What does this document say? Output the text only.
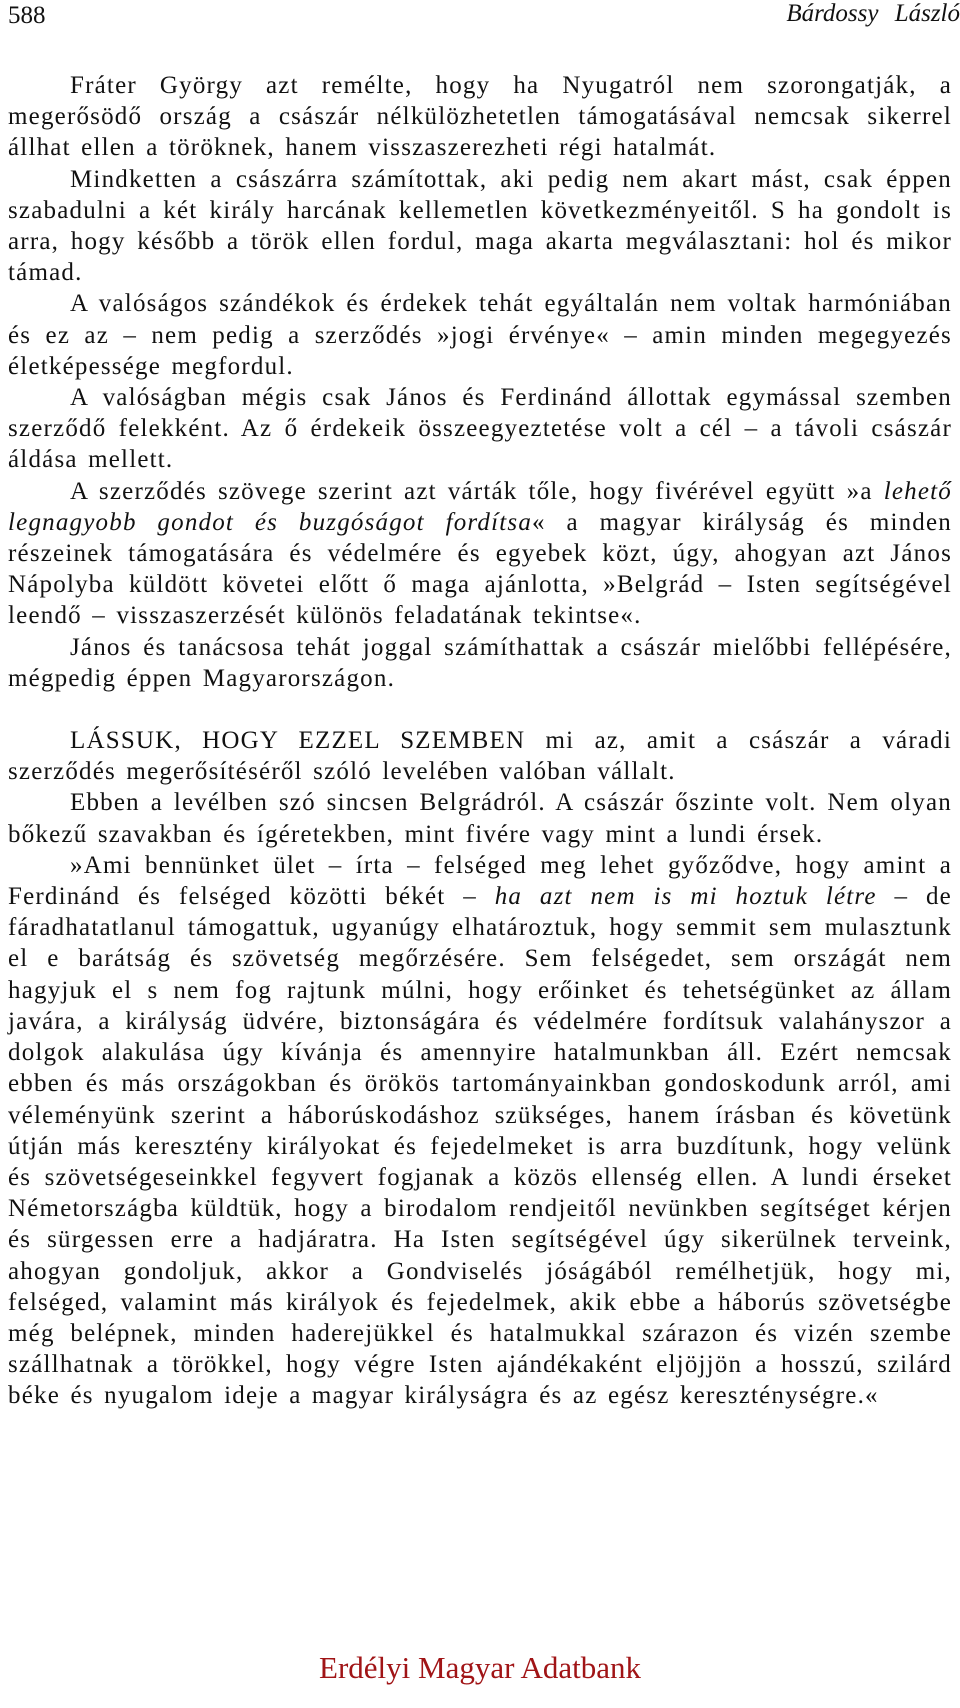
588	Bárdossy László

Fráter György azt remélte, hogy ha Nyugatról nem szorongatják, a megerősödő ország a császár nélkülözhetetlen támogatásával nemcsak sikerrel állhat ellen a töröknek, hanem visszaszerezheti régi hatalmát.

Mindketten a császárra számítottak, aki pedig nem akart mást, csak éppen szabadulni a két király harcának kellemetlen következményeitől. S ha gondolt is arra, hogy később a török ellen fordul, maga akarta megválasztani: hol és mikor támad.

A valóságos szándékok és érdekek tehát egyáltalán nem voltak harmóniában és ez az – nem pedig a szerződés »jogi érvénye« – amin minden megegyezés életképessége megfordul.

A valóságban mégis csak János és Ferdinánd állottak egymással szemben szerződő felekként. Az ő érdekeik összeegyeztetése volt a cél – a távoli császár áldása mellett.

A szerződés szövege szerint azt várták tőle, hogy fivérével együtt »a lehető legnagyobb gondot és buzgóságot fordítsa« a magyar királyság és minden részeinek támogatására és védelmére és egyebek közt, úgy, ahogyan azt János Nápolyba küldött követei előtt ő maga ajánlotta, »Belgrád – Isten segítségével leendő – visszaszerzését különös feladatának tekintse«.

János és tanácsosa tehát joggal számíthattak a császár mielőbbi fellépésére, mégpedig éppen Magyarországon.

LÁSSUK, HOGY EZZEL SZEMBEN mi az, amit a császár a váradi szerződés megerősítéséről szóló levelében valóban vállalt.

Ebben a levélben szó sincsen Belgrádról. A császár őszinte volt. Nem olyan bőkezű szavakban és ígéretekben, mint fivére vagy mint a lundi érsek.

»Ami bennünket ület – írta – felséged meg lehet győződve, hogy amint a Ferdinánd és felséged közötti békét – ha azt nem is mi hoztuk létre – de fáradhatatlanul támogattuk, ugyanúgy elhatároztuk, hogy semmit sem mulasztunk el e barátság és szövetség megőrzésére. Sem felségedet, sem országát nem hagyjuk el s nem fog rajtunk múlni, hogy erőinket és tehetségünket az állam javára, a királyság üdvére, biztonságára és védelmére fordítsuk valahányszor a dolgok alakulása úgy kívánja és amennyire hatalmunkban áll. Ezért nemcsak ebben és más országokban és örökös tartományainkban gondoskodunk arról, ami véleményünk szerint a háborúskodáshoz szükséges, hanem írásban és követünk útján más keresztény királyokat és fejedelmeket is arra buzdítunk, hogy velünk és szövetségeseinkkel fegyvert fogjanak a közös ellenség ellen. A lundi érseket Németországba küldtük, hogy a birodalom rendjeitől nevünkben segítséget kérjen és sürgessen erre a hadjáratra. Ha Isten segítségével úgy sikerülnek terveink, ahogyan gondoljuk, akkor a Gondviselés jóságából remélhetjük, hogy mi, felséged, valamint más királyok és fejedelmek, akik ebbe a háborús szövetségbe még belépnek, minden haderejükkel és hatalmukkal szárazon és vizén szembe szállhatnak a törökkel, hogy végre Isten ajándékaként eljöjjön a hosszú, szilárd béke és nyugalom ideje a magyar királyságra és az egész kereszténységre.«

Erdélyi Magyar Adatbank
